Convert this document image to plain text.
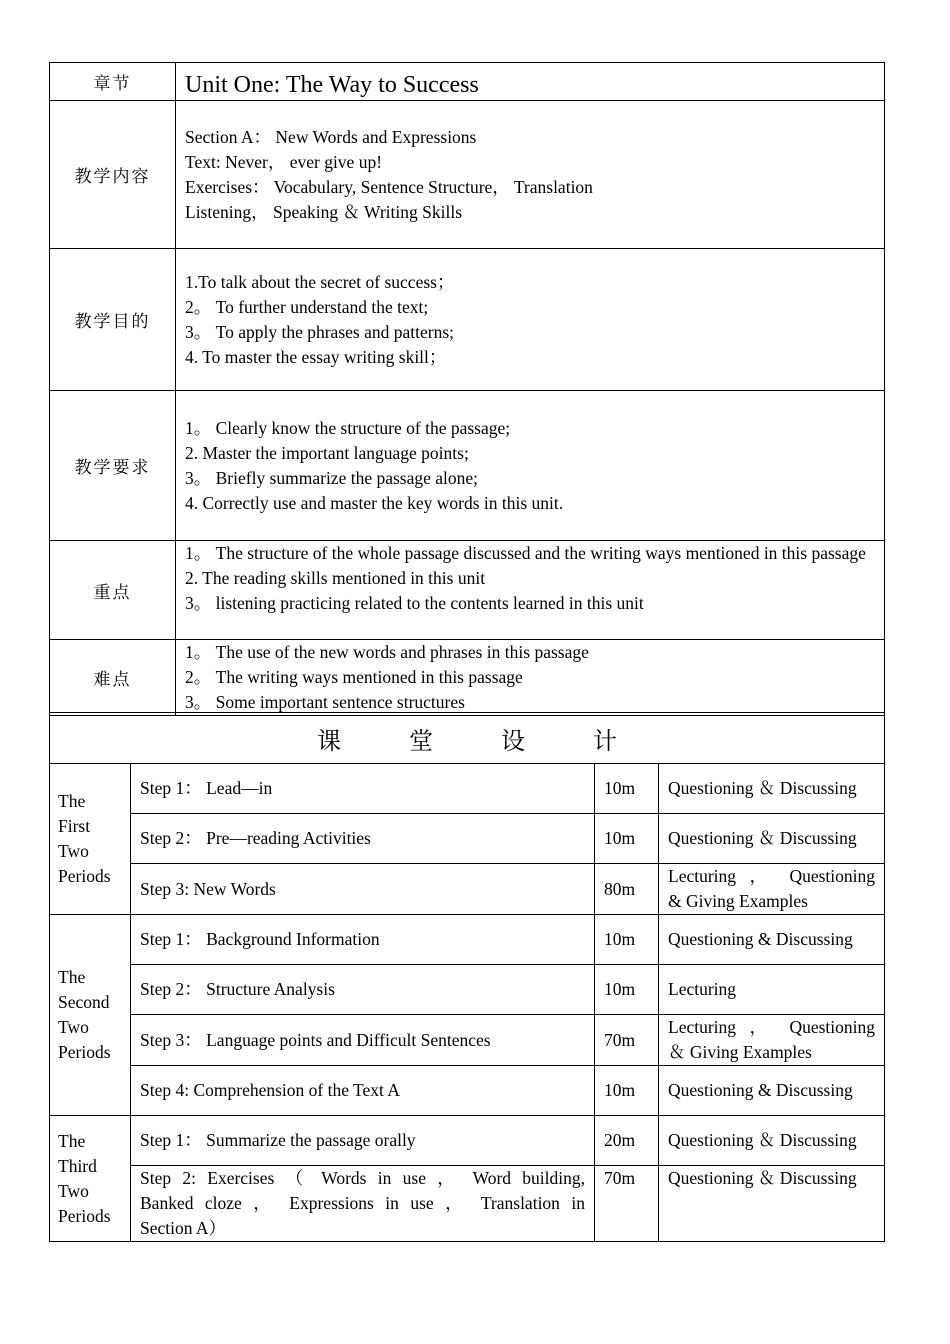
章节	Unit One: The Way to Success
教学内容	Section A： New Words and Expressions
Text: Never， ever give up!
Exercises： Vocabulary, Sentence Structure， Translation
Listening， Speaking ＆ Writing Skills

教学目的	1.To talk about the secret of success；
2。 To further understand the text;
3。 To apply the phrases and patterns;
4. To master the essay writing skill；

教学要求	1。 Clearly know the structure of the passage;
2. Master the important language points;
3。 Briefly summarize the passage alone;
4. Correctly use and master the key words in this unit.

重点	1。 The structure of the whole passage discussed and the writing ways mentioned in this passage
2. The reading skills mentioned in this unit
3。 listening practicing related to the contents learned in this unit

难点	1。 The use of the new words and phrases in this passage
2。 The writing ways mentioned in this passage
3。 Some important sentence structures
课 堂 设 计			

The
First
Two
Periods	Step 1： Lead—in	10m	Questioning ＆ Discussing
	Step 2： Pre—reading Activities	10m	Questioning ＆ Discussing
	Step 3: New Words	80m	Lecturing ， Questioning
& Giving Examples

The
Second
Two
Periods	Step 1： Background Information	10m	Questioning & Discussing
	Step 2： Structure Analysis	10m	Lecturing
	Step 3： Language points and Difficult Sentences	70m	Lecturing ， Questioning
＆ Giving Examples

	Step 4: Comprehension of the Text A	10m	Questioning & Discussing

The
Third
Two
Periods	Step 1： Summarize the passage orally	20m	Questioning ＆ Discussing

	Step 2: Exercises （ Words in use ， Word building,
Banked cloze ， Expressions in use ， Translation in
Section A）	70m	Questioning ＆ Discussing
